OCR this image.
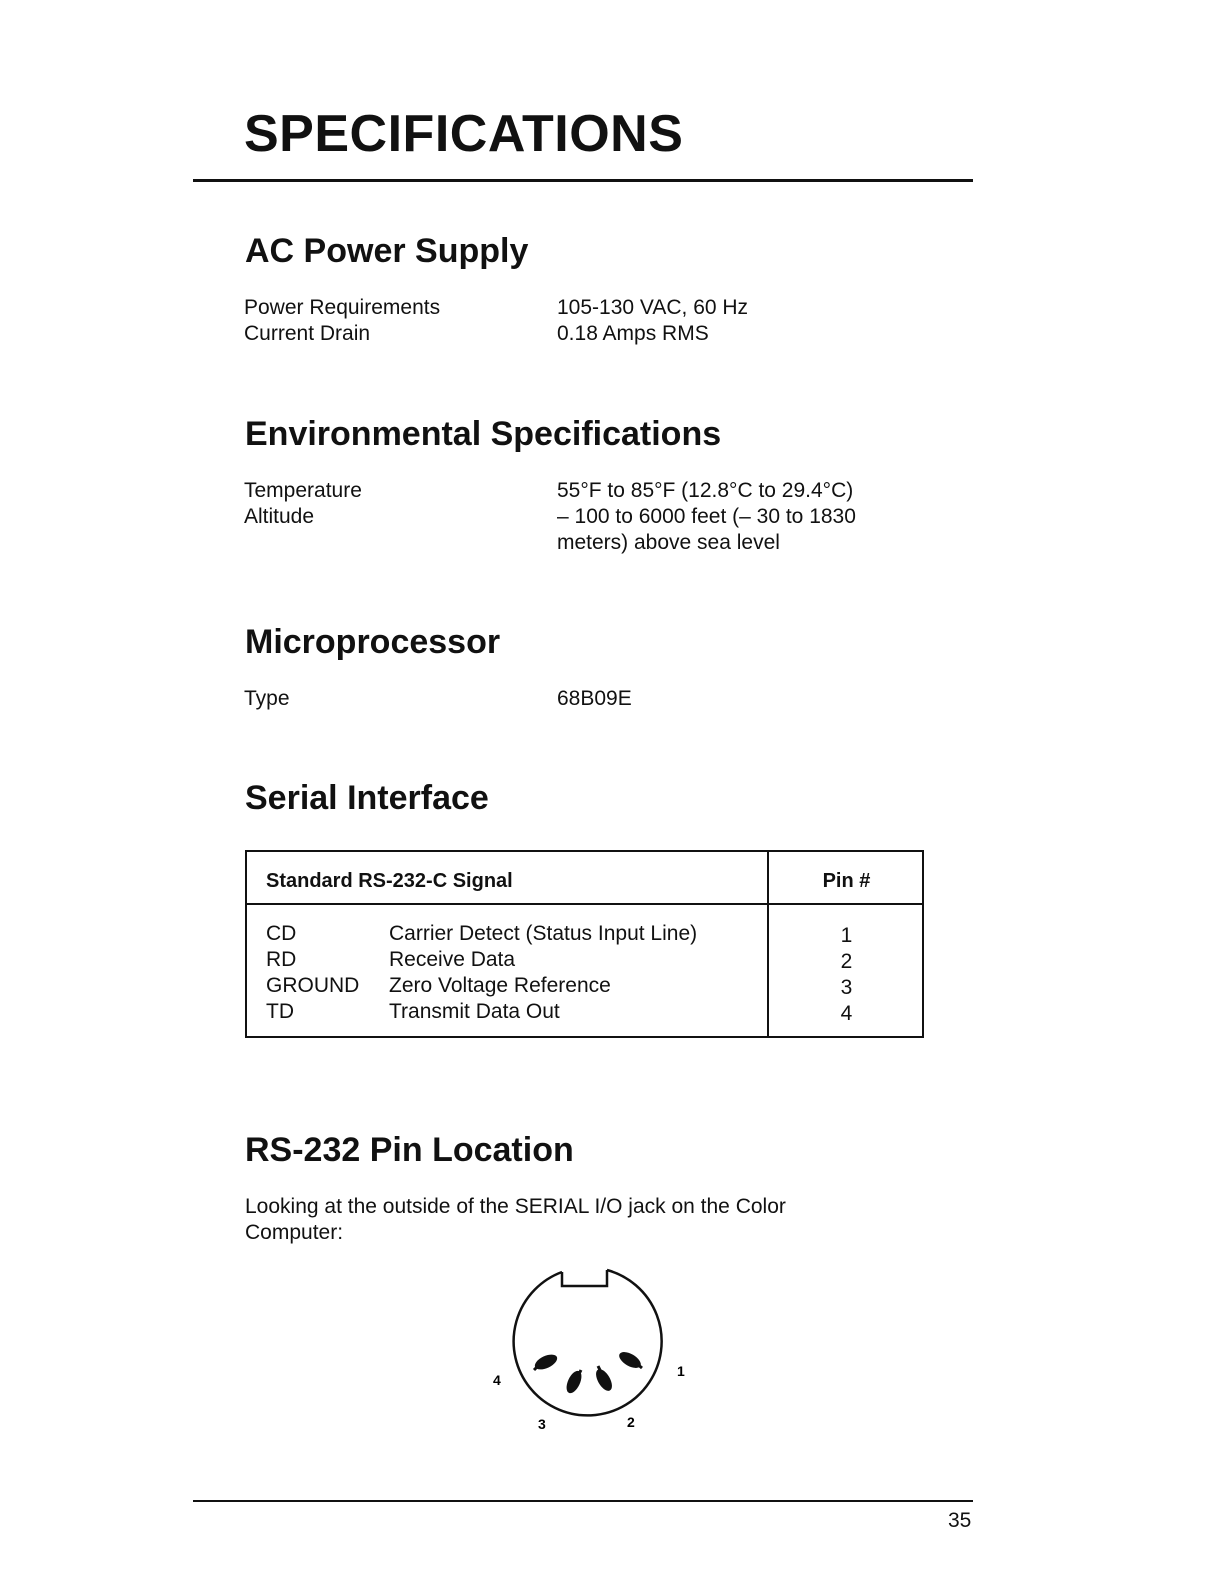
SPECIFICATIONS
AC Power Supply
Power Requirements	105-130 VAC, 60 Hz
Current Drain	0.18 Amps RMS
Environmental Specifications
Temperature	55°F to 85°F (12.8°C to 29.4°C)
Altitude	– 100 to 6000 feet (– 30 to 1830
meters) above sea level
Microprocessor
Type	68B09E
Serial Interface
Standard RS-232-C Signal	Pin #
CD	Carrier Detect (Status Input Line)	1
RD	Receive Data	2
GROUND Zero Voltage Reference	3
TD	Transmit Data Out	4
RS-232 Pin Location

Looking at the outside of the SERIAL I/O jack on the Color Computer:

1
2
3
4
35
